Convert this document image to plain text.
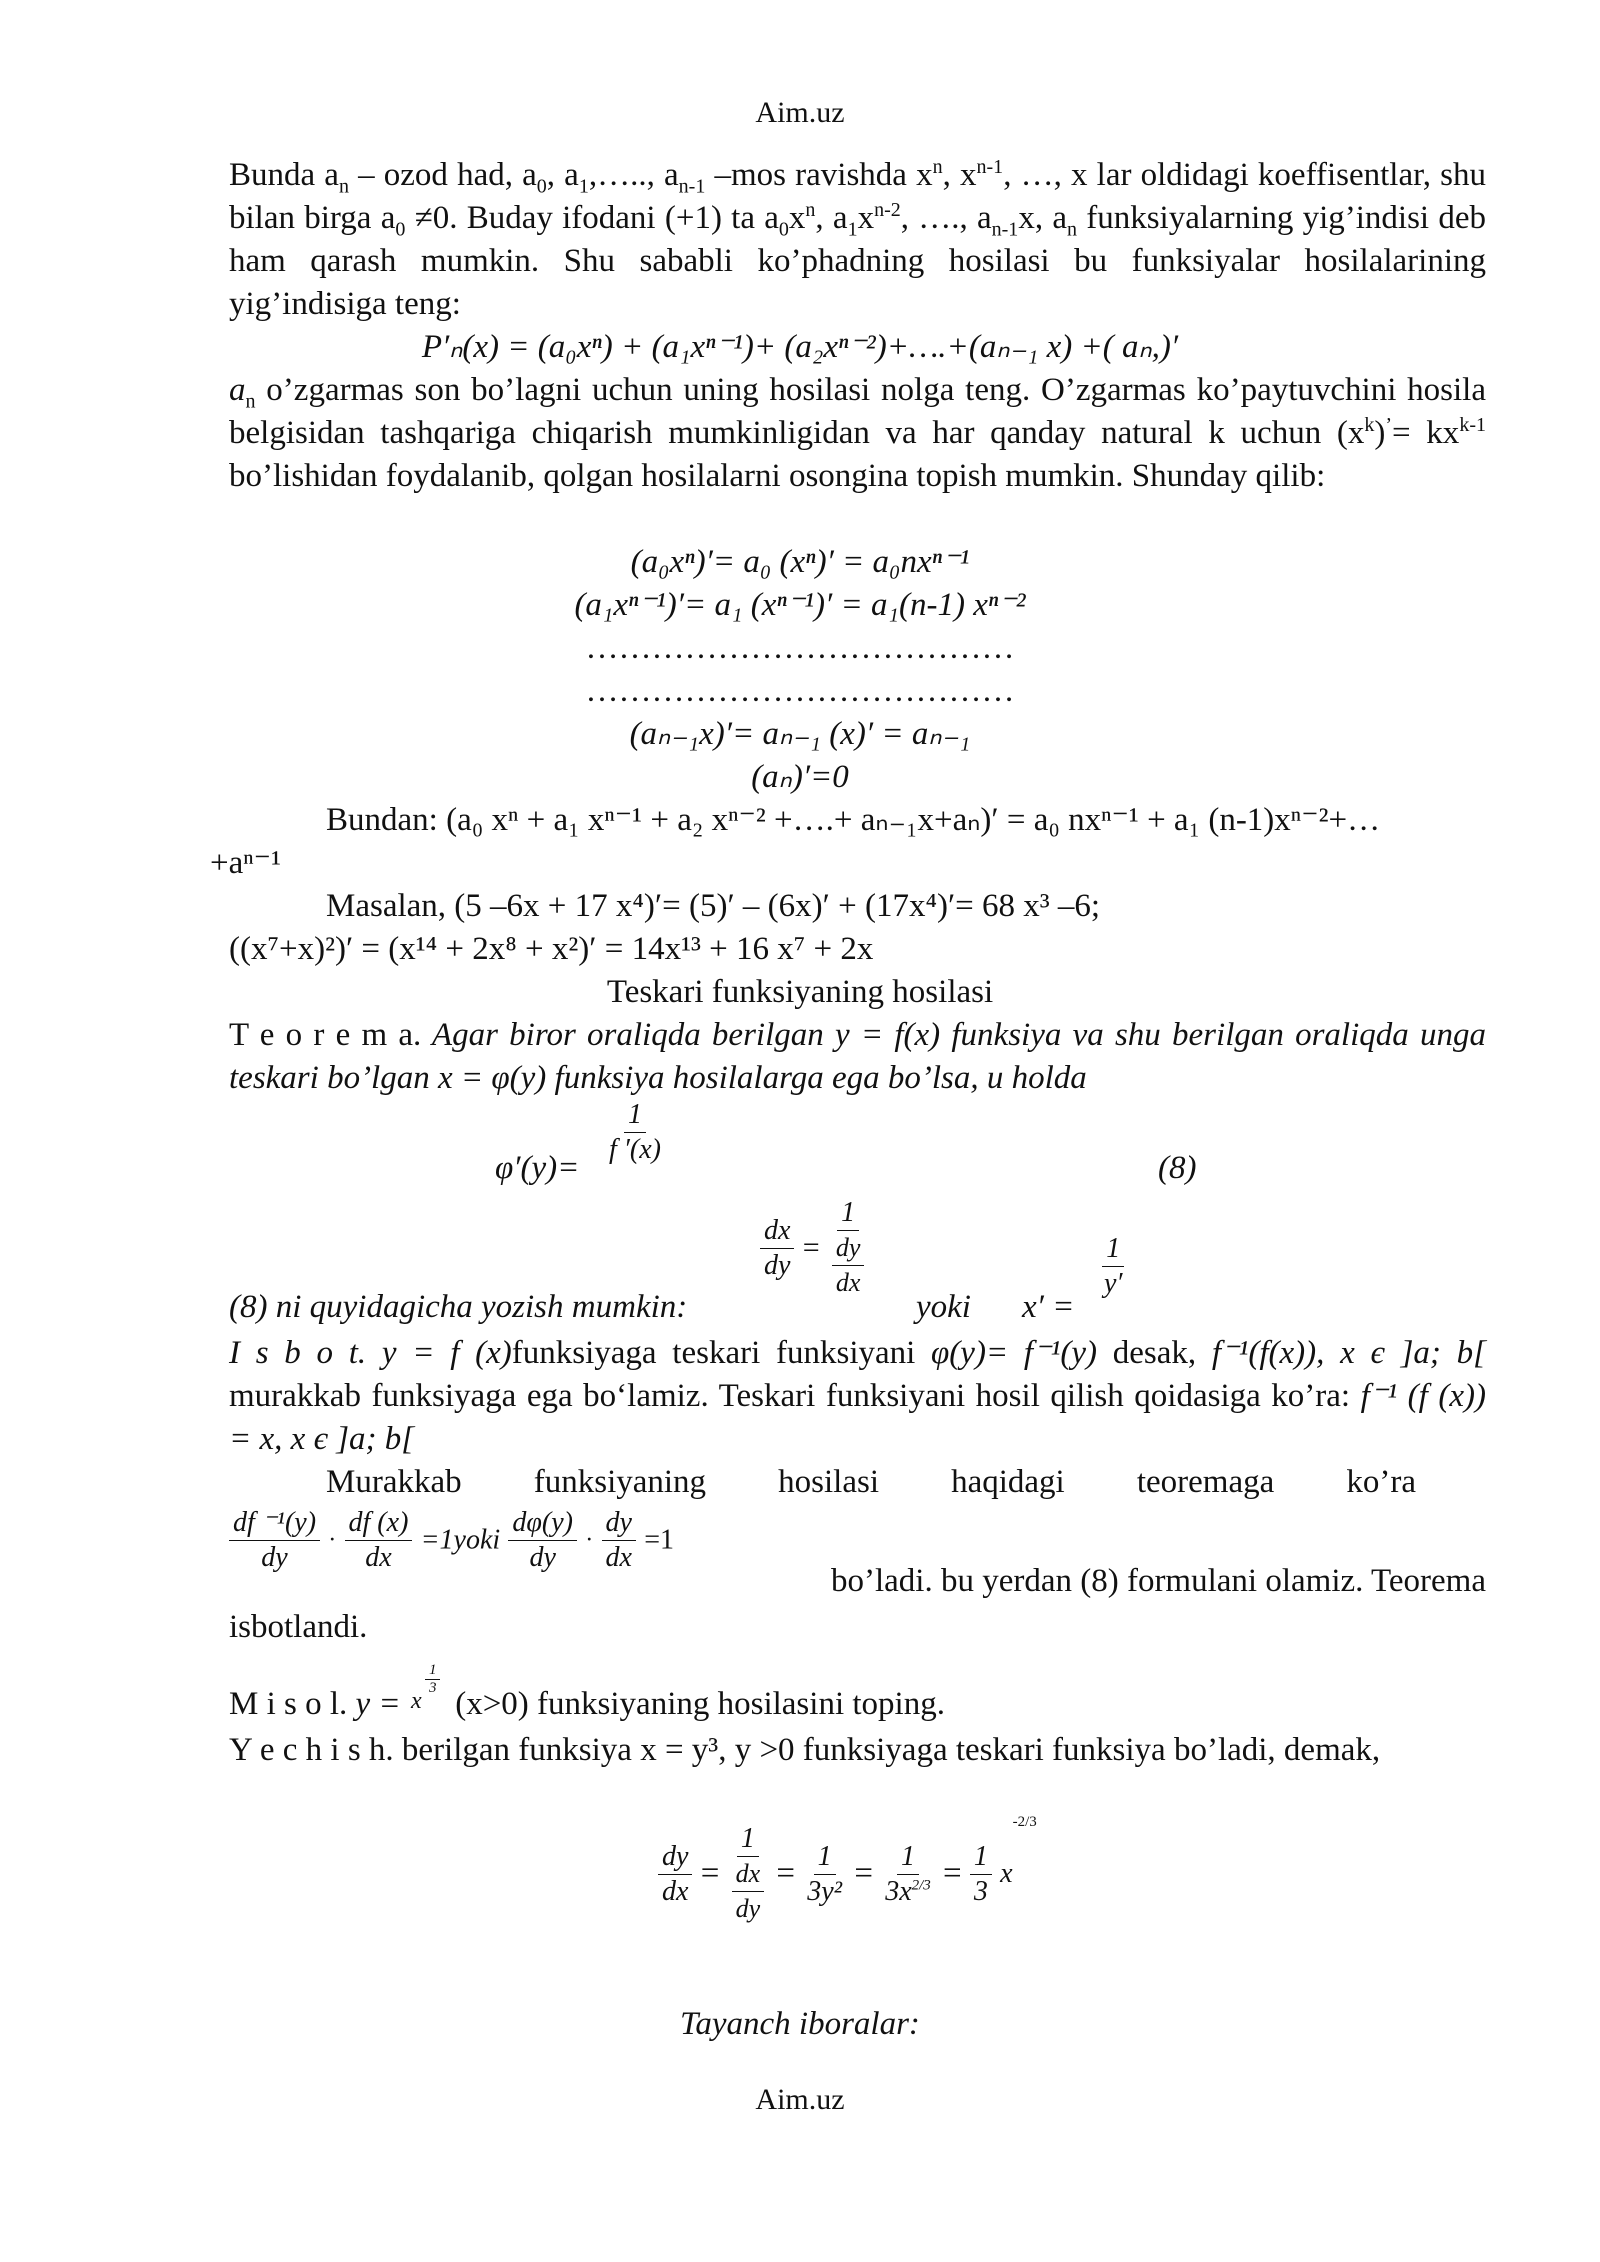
Aim.uz

Bunda $a_n$ – ozod had, $a_0$, $a_1,\dots$.., $a_{n-1}$ –mos ravishda $x^n$, $x^{n-1}$, …, x lar oldidagi koeffisentlar, shu bilan birga $a_0 \ne 0$. Buday ifodani (+1) ta $a_0x^n$, $a_1x^{n-2}$, …., $a_{n-1}x$, $a_n$ funksiyalarning yig’indisi deb ham qarash mumkin. Shu sababli ko’phadning hosilasi bu funksiyalar hosilalarining yig’indisiga teng:

P′ₙ(x) = (a₀xⁿ) + (a₁xⁿ⁻¹)+ (a₂xⁿ⁻²)+….+(aₙ₋₁ x) +( aₙ,)′

$a_n$ o’zgarmas son bo’lagni uchun uning hosilasi nolga teng. O’zgarmas ko’paytuvchini hosila belgisidan tashqariga chiqarish mumkinligidan va har qanday natural k uchun $(x^k)^’= kx^{k-1}$ bo’lishidan foydalanib, qolgan hosilalarni osongina topish mumkin. Shunday qilib:

(a₀xⁿ)′= a₀ (xⁿ)′ = a₀nxⁿ⁻¹
(a₁xⁿ⁻¹)′= a₁ (xⁿ⁻¹)′ = a₁(n-1) xⁿ⁻²
…………………………………
…………………………………
(aₙ₋₁x)′= aₙ₋₁ (x)′ = aₙ₋₁
(aₙ)′=0
Bundan: (a₀ xⁿ + a₁ xⁿ⁻¹ + a₂ xⁿ⁻² +….+ aₙ₋₁x+aₙ)′ = a₀ nxⁿ⁻¹ + a₁ (n-1)xⁿ⁻²+…
+aⁿ⁻¹
Masalan, (5 –6x + 17 x⁴)′= (5)′ – (6x)′ + (17x⁴)′= 68 x³ –6;
((x⁷+x)²)′ = (x¹⁴ + 2x⁸ + x²)′ = 14x¹³ + 16 x⁷ + 2x
Teskari funksiyaning hosilasi

T e o r e m a. Agar biror oraliqda berilgan y = f(x) funksiya va shu berilgan oraliqda unga teskari bo’lgan x = φ(y) funksiya hosilalarga ega bo’lsa, u holda

φ′(y)=
$\frac{1}{f '(x)}$
(8)
$\frac{dx}{dy} = \frac{1}{\frac{dy}{dx}}$
(8) ni quyidagicha yozish mumkin:	yoki x′ =
$\frac{1}{y'}$

I s b o t. y = f (x)funksiyaga teskari funksiyani φ(y)= f⁻¹(y) desak, f⁻¹(f(x)), x є ]a; b[ murakkab funksiyaga ega bo‘lamiz. Teskari funksiyani hosil qilish qoidasiga ko’ra: f⁻¹ (f (x)) = x, x є ]a; b[

Murakkab funksiyaning hosilasi haqidagi teoremaga ko’ra
$\frac{\text{df ⁻¹(y)}}{dy} \cdot \frac{df (x)}{dx}$ =1yoki $\frac{d\varphi(y)}{dy} \cdot \frac{dy}{dx} =1$
bo’ladi. bu yerdan (8) formulani olamiz. Teorema
isbotlandi.
M i s o l. y = x
$\frac{1}{3}$
(x>0) funksiyaning hosilasini toping.

Y e c h i s h. berilgan funksiya x = y³, y >0 funksiyaga teskari funksiya bo’ladi, demak,

$\frac{dy}{dx} = \frac{1}{\frac{dx}{dy}} = \frac{1}{\text{3y²}} = \frac{1}{3x^{2/3}} = \frac{1}{3} x^{-2/3}$
Tayanch iboralar:
Aim.uz
